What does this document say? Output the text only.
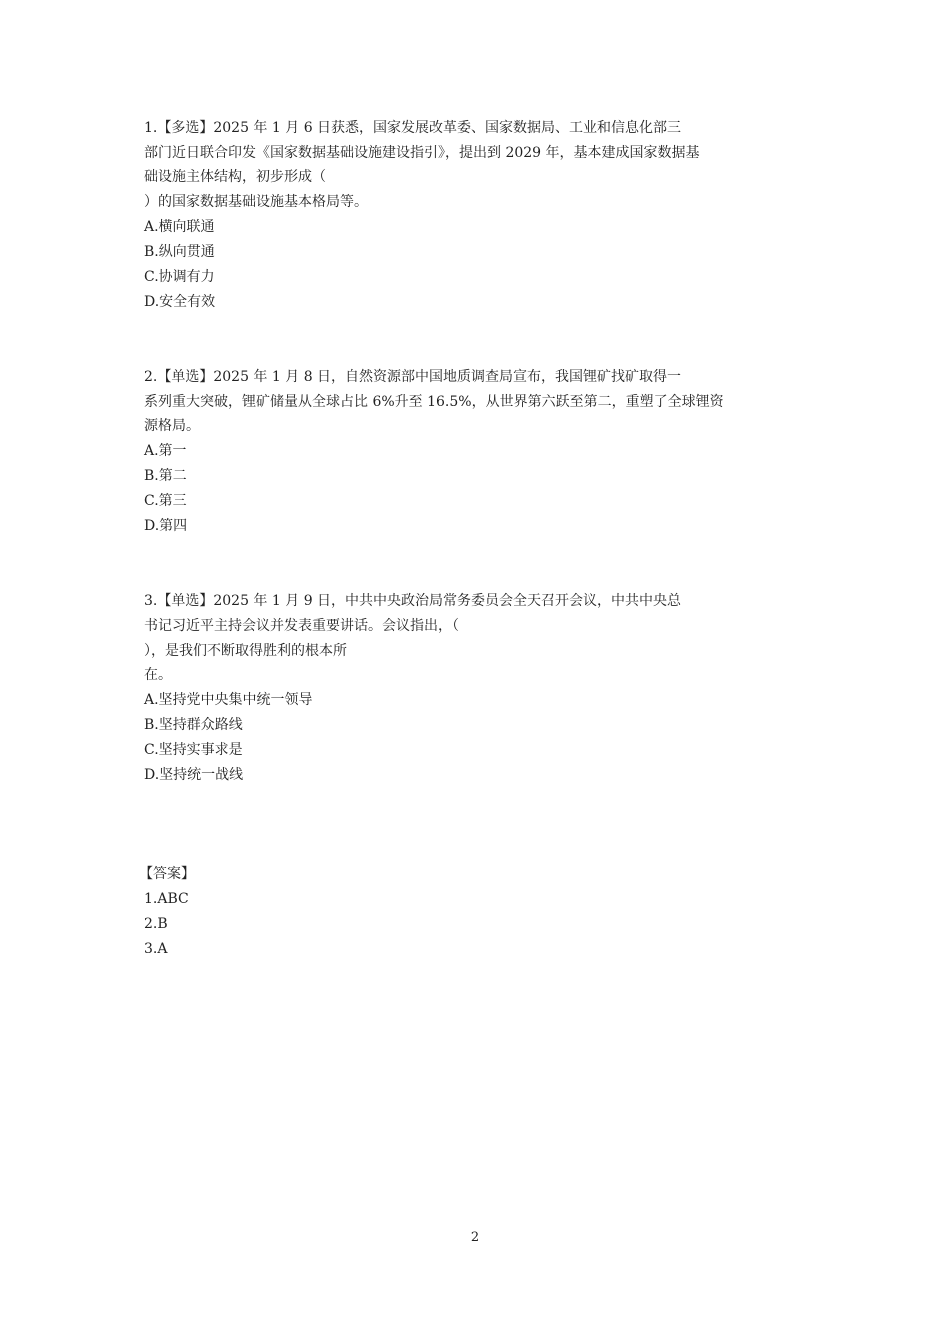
1.【多选】2025 年 1 月 6 日获悉，国家发展改革委、国家数据局、工业和信息化部三
部门近日联合印发《国家数据基础设施建设指引》，提出到 2029 年，基本建成国家数据基
础设施主体结构，初步形成（
）的国家数据基础设施基本格局等。
A.横向联通
B.纵向贯通
C.协调有力
D.安全有效
2.【单选】2025 年 1 月 8 日，自然资源部中国地质调查局宣布，我国锂矿找矿取得一
系列重大突破，锂矿储量从全球占比 6%升至 16.5%，从世界第六跃至第二，重塑了全球锂资
源格局。
A.第一
B.第二
C.第三
D.第四
3.【单选】2025 年 1 月 9 日，中共中央政治局常务委员会全天召开会议，中共中央总
书记习近平主持会议并发表重要讲话。会议指出，（
），是我们不断取得胜利的根本所
在。
A.坚持党中央集中统一领导
B.坚持群众路线
C.坚持实事求是
D.坚持统一战线
【答案】
1.ABC
2.B
3.A
2
